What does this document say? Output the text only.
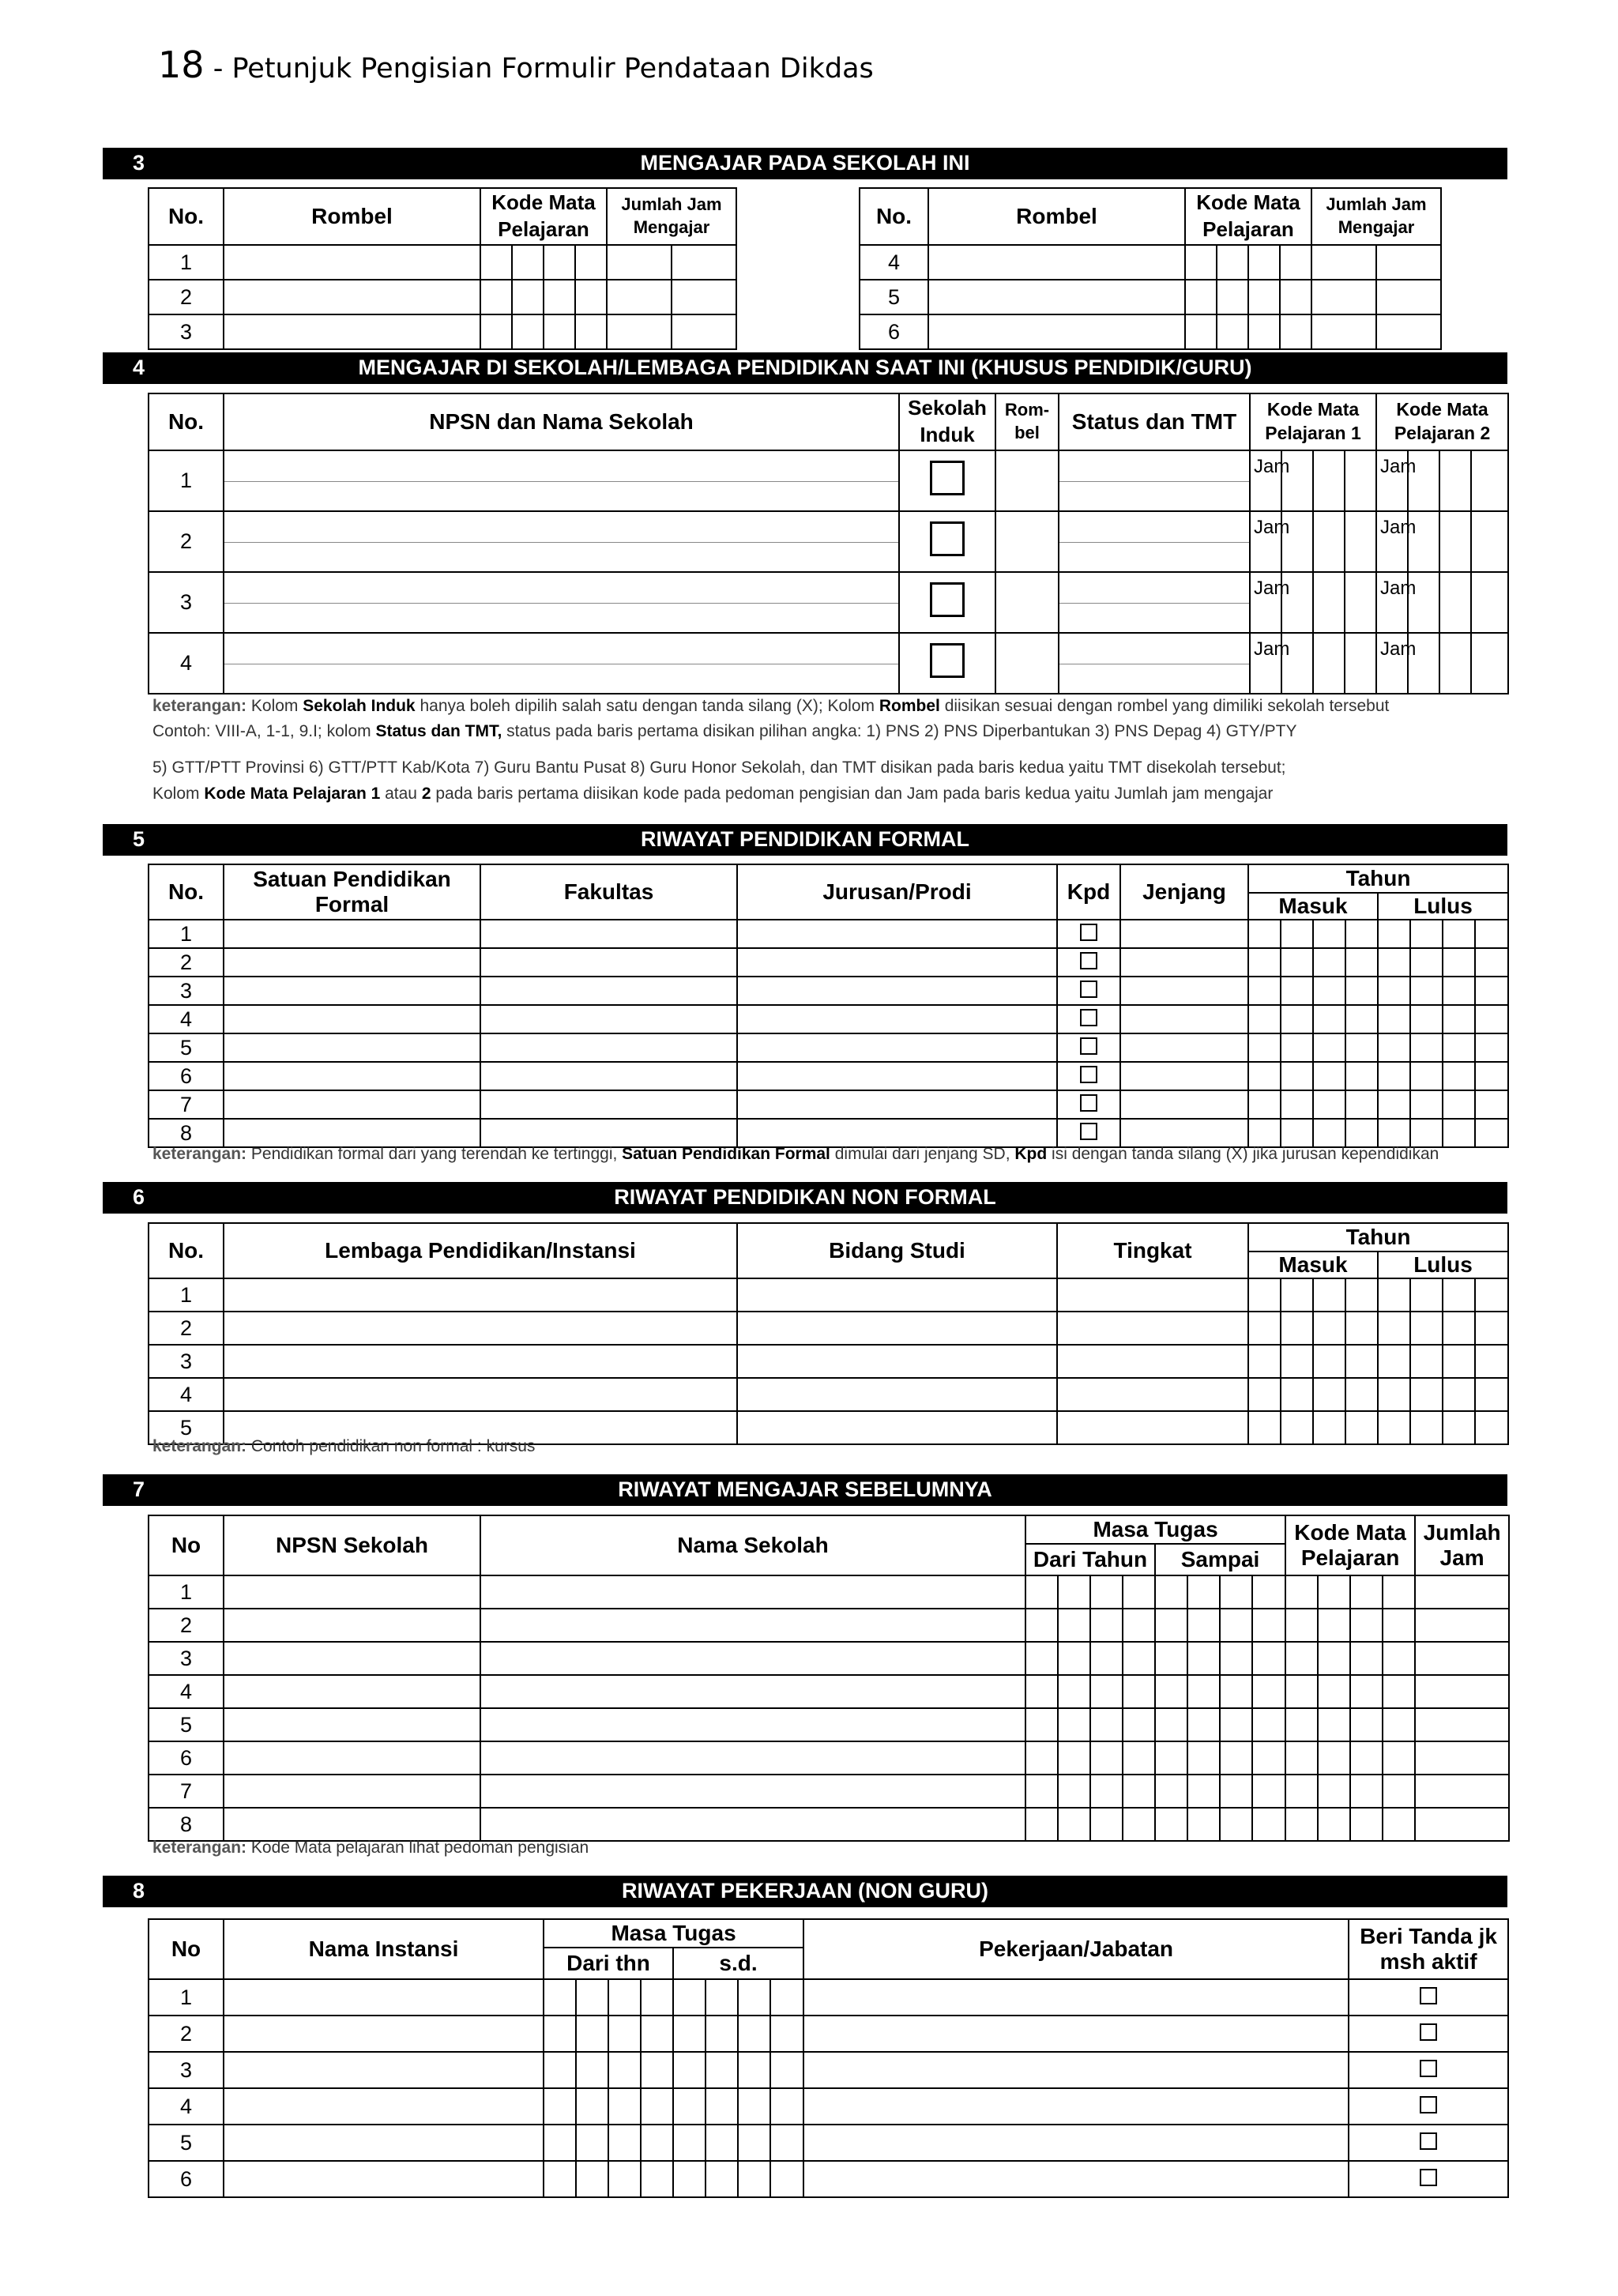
18 - Petunjuk Pengisian Formulir Pendataan Dikdas
3	MENGAJAR PADA SEKOLAH INI
No.	Rombel	Kode Mata Pelajaran				Jumlah Jam Mengajar	
1							
2							
3							
No.	Rombel	Kode Mata Pelajaran				Jumlah Jam Mengajar	
4							
5							
6							
4	MENGAJAR DI SEKOLAH/LEMBAGA PENDIDIKAN SAAT INI (KHUSUS PENDIDIK/GURU)
No.	NPSN dan Nama Sekolah	Sekolah Induk	Rom-bel	Status dan TMT	Kode Mata Pelajaran 1				Kode Mata Pelajaran 2			
1					Jam				Jam			

2					Jam				Jam			

3					Jam				Jam			

4					Jam				Jam			

keterangan: Kolom Sekolah Induk hanya boleh dipilih salah satu dengan tanda silang (X); Kolom Rombel diisikan sesuai dengan rombel yang dimiliki sekolah tersebut
Contoh: VIII-A, 1-1, 9.I; kolom Status dan TMT, status pada baris pertama disikan pilihan angka: 1) PNS 2) PNS Diperbantukan 3) PNS Depag 4) GTY/PTY
5) GTT/PTT Provinsi 6) GTT/PTT Kab/Kota 7) Guru Bantu Pusat 8) Guru Honor Sekolah, dan TMT disikan pada baris kedua yaitu TMT disekolah tersebut;
Kolom Kode Mata Pelajaran 1 atau 2 pada baris pertama diisikan kode pada pedoman pengisian dan Jam pada baris kedua yaitu Jumlah jam mengajar
5	RIWAYAT PENDIDIKAN FORMAL
No.	Satuan Pendidikan Formal	Fakultas	Jurusan/Prodi	Kpd	Jenjang	Tahun							
						Masuk				Lulus			
1													
2													
3													
4													
5													
6													
7													
8													
keterangan: Pendidikan formal dari yang terendah ke tertinggi, Satuan Pendidikan Formal dimulai dari jenjang SD, Kpd isi dengan tanda silang (X) jika jurusan kependidikan
6	RIWAYAT PENDIDIKAN NON FORMAL
No.	Lembaga Pendidikan/Instansi	Bidang Studi	Tingkat	Tahun							
				Masuk				Lulus			
1											
2											
3											
4											
5											
keterangan: Contoh pendidikan non formal : kursus
7	RIWAYAT MENGAJAR SEBELUMNYA
No	NPSN Sekolah	Nama Sekolah	Masa Tugas								Kode Mata Pelajaran				Jumlah Jam
			Dari Tahun				Sampai								
1															
2															
3															
4															
5															
6															
7															
8															
keterangan: Kode Mata pelajaran lihat pedoman pengisian
8	RIWAYAT PEKERJAAN (NON GURU)
No	Nama Instansi	Masa Tugas								Pekerjaan/Jabatan	Beri Tanda jk msh aktif
		Dari thn				s.d.					
1											
2											
3											
4											
5											
6											
